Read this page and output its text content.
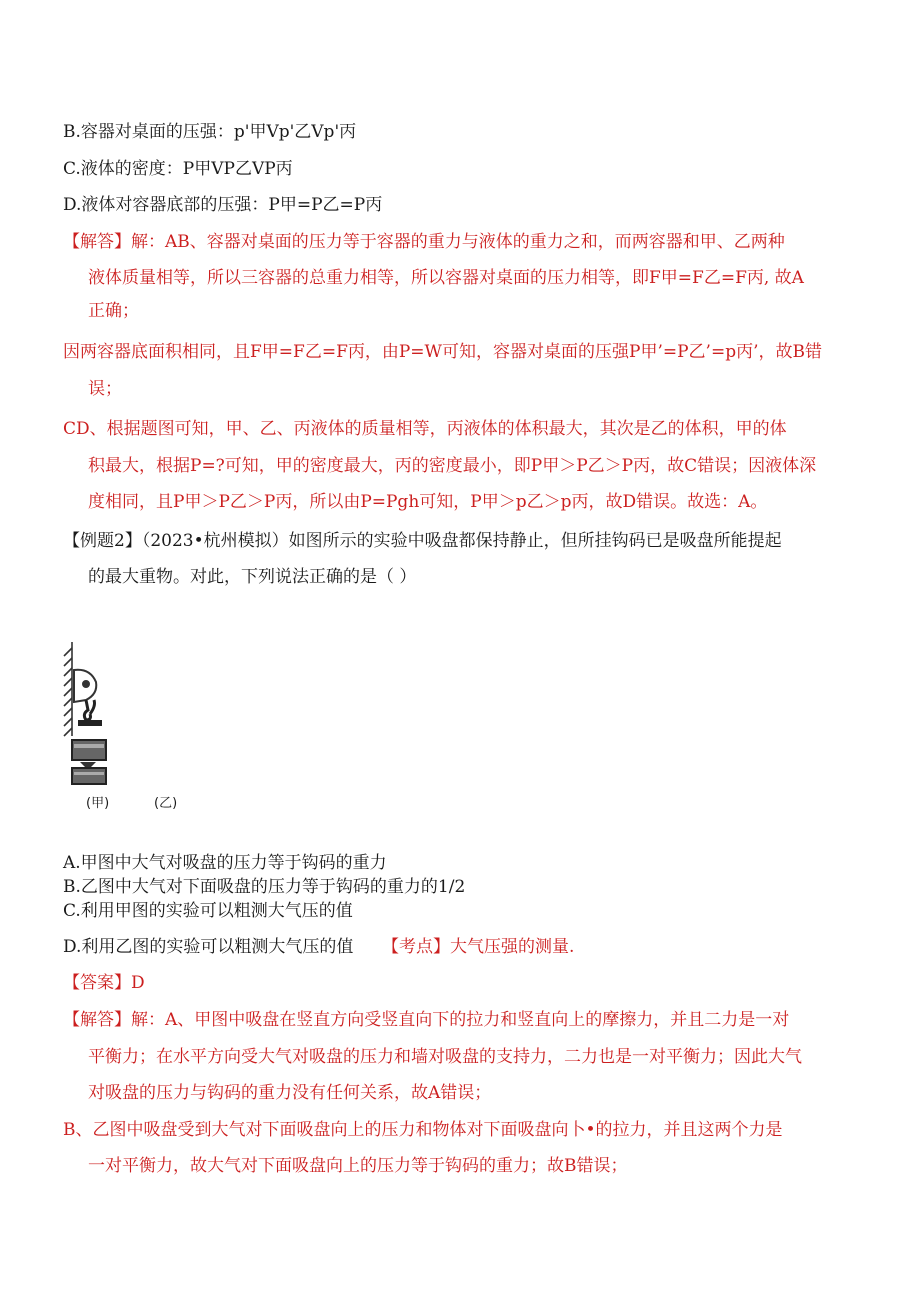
B.容器对桌面的压强：p'甲Vp'乙Vp'丙
C.液体的密度：P甲VP乙VP丙
D.液体对容器底部的压强：P甲=P乙=P丙
【解答】解：AB、容器对桌面的压力等于容器的重力与液体的重力之和，而两容器和甲、乙两种
液体质量相等，所以三容器的总重力相等，所以容器对桌面的压力相等，即F甲=F乙=F丙, 故A
正确；
因两容器底面积相同，且F甲=F乙=F丙，由P=W可知，容器对桌面的压强P甲’=P乙’=p丙’，故B错
误；
CD、根据题图可知，甲、乙、丙液体的质量相等，丙液体的体积最大，其次是乙的体积，甲的体
积最大，根据P=?可知，甲的密度最大，丙的密度最小，即P甲＞P乙＞P丙，故C错误；因液体深
度相同，且P甲＞P乙＞P丙，所以由P=Pgh可知，P甲＞p乙＞p丙，故D错误。故选：A。
【例题2】（2023•杭州模拟）如图所示的实验中吸盘都保持静止，但所挂钩码已是吸盘所能提起
的最大重物。对此，下列说法正确的是（ ）
(甲)	(乙)
A.甲图中大气对吸盘的压力等于钩码的重力
B.乙图中大气对下面吸盘的压力等于钩码的重力的1/2
C.利用甲图的实验可以粗测大气压的值
D.利用乙图的实验可以粗测大气压的值 【考点】大气压强的测量.
【答案】D
【解答】解：A、甲图中吸盘在竖直方向受竖直向下的拉力和竖直向上的摩擦力，并且二力是一对
平衡力；在水平方向受大气对吸盘的压力和墙对吸盘的支持力，二力也是一对平衡力；因此大气
对吸盘的压力与钩码的重力没有任何关系，故A错误；
B、乙图中吸盘受到大气对下面吸盘向上的压力和物体对下面吸盘向卜•的拉力，并且这两个力是
一对平衡力，故大气对下面吸盘向上的压力等于钩码的重力；故B错误；
